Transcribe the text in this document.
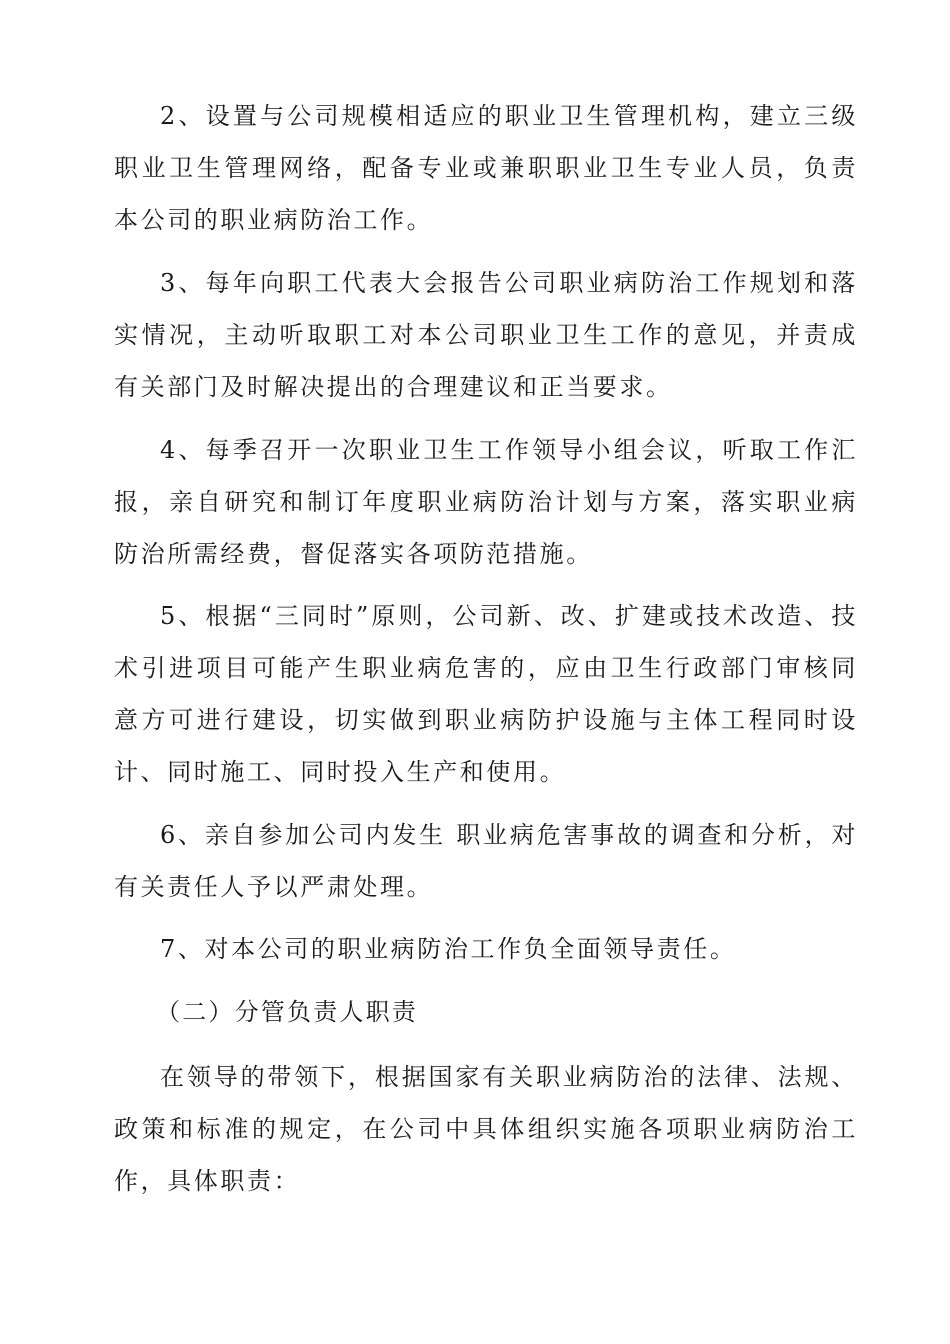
2、设置与公司规模相适应的职业卫生管理机构，建立三级职业卫生管理网络，配备专业或兼职职业卫生专业人员，负责本公司的职业病防治工作。

3、每年向职工代表大会报告公司职业病防治工作规划和落实情况，主动听取职工对本公司职业卫生工作的意见，并责成有关部门及时解决提出的合理建议和正当要求。

4、每季召开一次职业卫生工作领导小组会议，听取工作汇报，亲自研究和制订年度职业病防治计划与方案，落实职业病防治所需经费，督促落实各项防范措施。

5、根据“三同时”原则，公司新、改、扩建或技术改造、技术引进项目可能产生职业病危害的，应由卫生行政部门审核同意方可进行建设，切实做到职业病防护设施与主体工程同时设计、同时施工、同时投入生产和使用。

6、亲自参加公司内发生 职业病危害事故的调查和分析，对有关责任人予以严肃处理。

7、对本公司的职业病防治工作负全面领导责任。

（二）分管负责人职责

在领导的带领下，根据国家有关职业病防治的法律、法规、政策和标准的规定，在公司中具体组织实施各项职业病防治工作，具体职责：
